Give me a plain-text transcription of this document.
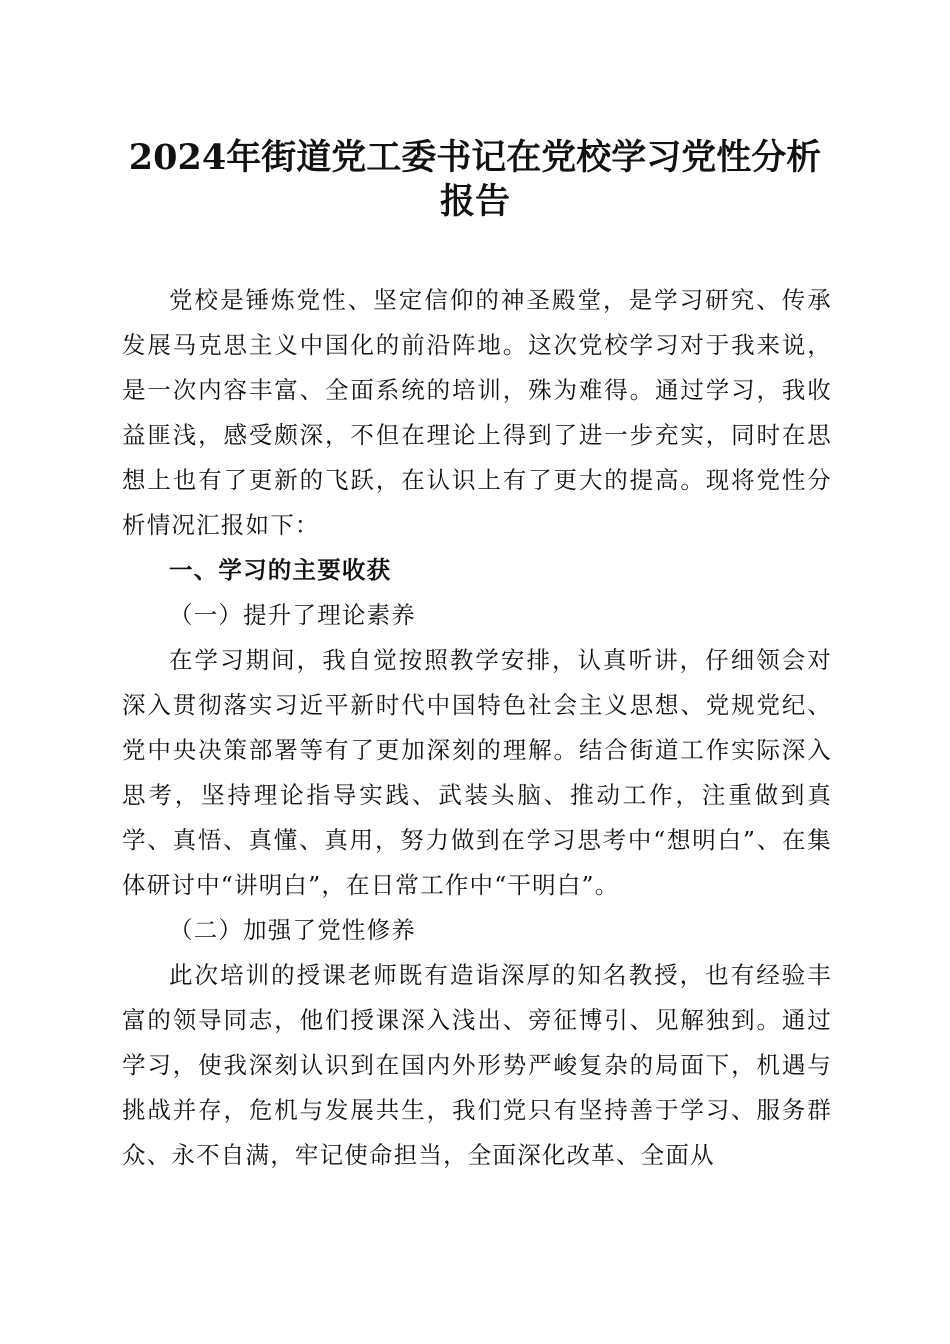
2024年街道党工委书记在党校学习党性分析
报告

党校是锤炼党性、坚定信仰的神圣殿堂，是学习研究、传承发展马克思主义中国化的前沿阵地。这次党校学习对于我来说，是一次内容丰富、全面系统的培训，殊为难得。通过学习，我收益匪浅，感受颇深，不但在理论上得到了进一步充实，同时在思想上也有了更新的飞跃，在认识上有了更大的提高。现将党性分析情况汇报如下：

一、学习的主要收获

（一）提升了理论素养

在学习期间，我自觉按照教学安排，认真听讲，仔细领会对深入贯彻落实习近平新时代中国特色社会主义思想、党规党纪、党中央决策部署等有了更加深刻的理解。结合街道工作实际深入思考，坚持理论指导实践、武装头脑、推动工作，注重做到真学、真悟、真懂、真用，努力做到在学习思考中“想明白”、在集体研讨中“讲明白”，在日常工作中“干明白”。

（二）加强了党性修养

此次培训的授课老师既有造诣深厚的知名教授，也有经验丰富的领导同志，他们授课深入浅出、旁征博引、见解独到。通过学习，使我深刻认识到在国内外形势严峻复杂的局面下，机遇与挑战并存，危机与发展共生，我们党只有坚持善于学习、服务群众、永不自满，牢记使命担当，全面深化改革、全面从
